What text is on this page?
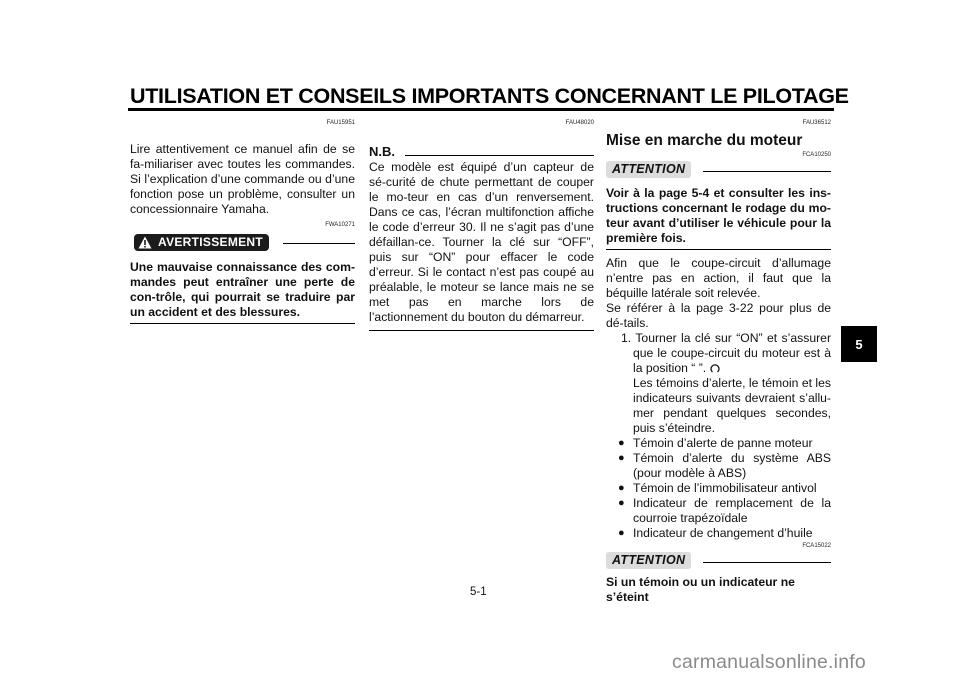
UTILISATION ET CONSEILS IMPORTANTS CONCERNANT LE PILOTAGE
FAU15951

Lire attentivement ce manuel afin de se fa-miliariser avec toutes les commandes. Si l’explication d’une commande ou d’une fonction pose un problème, consulter un concessionnaire Yamaha.

FWA10271
AVERTISSEMENT

Une mauvaise connaissance des com-mandes peut entraîner une perte de con-trôle, qui pourrait se traduire par un accident et des blessures.

FAU48020
N.B.

Ce modèle est équipé d’un capteur de sé-curité de chute permettant de couper le mo-teur en cas d’un renversement. Dans ce cas, l’écran multifonction affiche le code d’erreur 30. Il ne s’agit pas d’une défaillan-ce. Tourner la clé sur “OFF”, puis sur “ON” pour effacer le code d’erreur. Si le contact n’est pas coupé au préalable, le moteur se lance mais ne se met pas en marche lors de l’actionnement du bouton du démarreur.

FAU36512
Mise en marche du moteur
FCA10250
ATTENTION

Voir à la page 5-4 et consulter les ins-tructions concernant le rodage du mo-teur avant d’utiliser le véhicule pour la première fois.

Afin que le coupe-circuit d’allumage n’entre pas en action, il faut que la béquille latérale soit relevée.

Se référer à la page 3-22 pour plus de dé-tails.

1. Tourner la clé sur “ON” et s’assurer que le coupe-circuit du moteur est à la position “ ”.
Les témoins d’alerte, le témoin et les indicateurs suivants devraient s’allu-mer pendant quelques secondes, puis s’éteindre.
● Témoin d’alerte de panne moteur
● Témoin d’alerte du système ABS (pour modèle à ABS)
● Témoin de l’immobilisateur antivol
● Indicateur de remplacement de la courroie trapézoïdale
● Indicateur de changement d’huile
FCA15022
ATTENTION

Si un témoin ou un indicateur ne s’éteint

5-1
5
carmanualsonline.info
